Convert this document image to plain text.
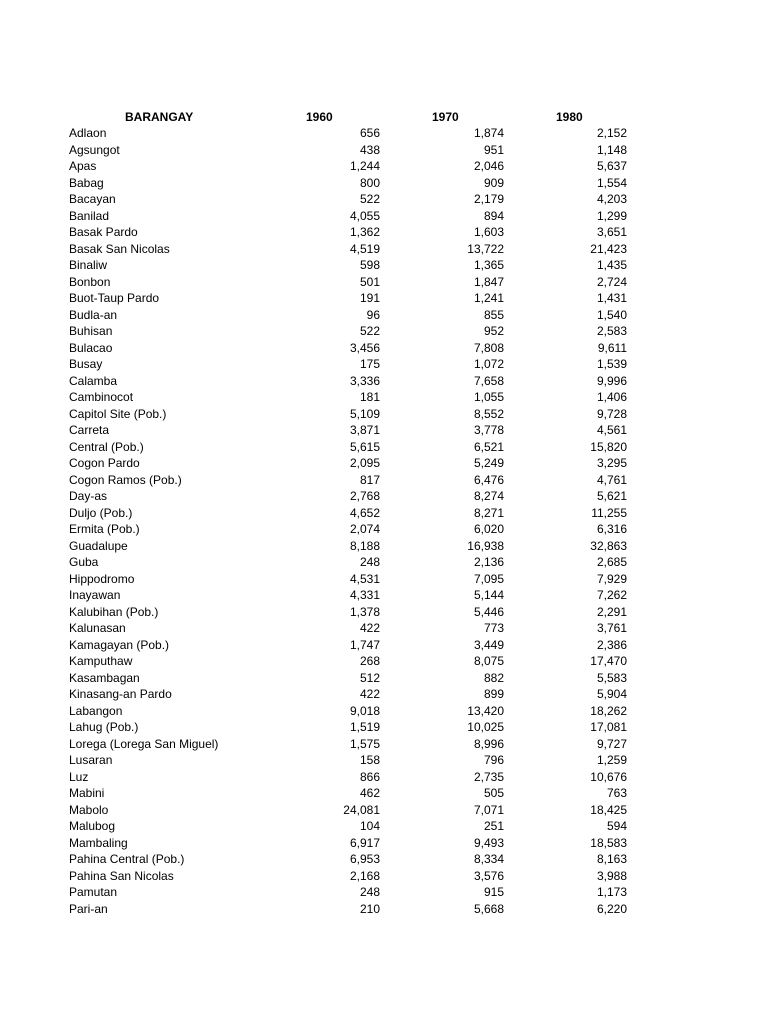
BARANGAY	1960	1970	1980
Adlaon	656	1,874	2,152
Agsungot	438	951	1,148
Apas	1,244	2,046	5,637
Babag	800	909	1,554
Bacayan	522	2,179	4,203
Banilad	4,055	894	1,299
Basak Pardo	1,362	1,603	3,651
Basak San Nicolas	4,519	13,722	21,423
Binaliw	598	1,365	1,435
Bonbon	501	1,847	2,724
Buot-Taup Pardo	191	1,241	1,431
Budla-an	96	855	1,540
Buhisan	522	952	2,583
Bulacao	3,456	7,808	9,611
Busay	175	1,072	1,539
Calamba	3,336	7,658	9,996
Cambinocot	181	1,055	1,406
Capitol Site (Pob.)	5,109	8,552	9,728
Carreta	3,871	3,778	4,561
Central (Pob.)	5,615	6,521	15,820
Cogon Pardo	2,095	5,249	3,295
Cogon Ramos (Pob.)	817	6,476	4,761
Day-as	2,768	8,274	5,621
Duljo (Pob.)	4,652	8,271	11,255
Ermita (Pob.)	2,074	6,020	6,316
Guadalupe	8,188	16,938	32,863
Guba	248	2,136	2,685
Hippodromo	4,531	7,095	7,929
Inayawan	4,331	5,144	7,262
Kalubihan (Pob.)	1,378	5,446	2,291
Kalunasan	422	773	3,761
Kamagayan (Pob.)	1,747	3,449	2,386
Kamputhaw	268	8,075	17,470
Kasambagan	512	882	5,583
Kinasang-an Pardo	422	899	5,904
Labangon	9,018	13,420	18,262
Lahug (Pob.)	1,519	10,025	17,081
Lorega (Lorega San Miguel)	1,575	8,996	9,727
Lusaran	158	796	1,259
Luz	866	2,735	10,676
Mabini	462	505	763
Mabolo	24,081	7,071	18,425
Malubog	104	251	594
Mambaling	6,917	9,493	18,583
Pahina Central (Pob.)	6,953	8,334	8,163
Pahina San Nicolas	2,168	3,576	3,988
Pamutan	248	915	1,173
Pari-an	210	5,668	6,220
